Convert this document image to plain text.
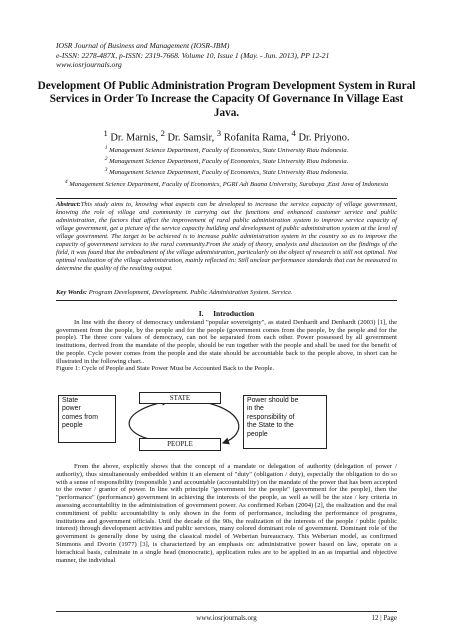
IOSR Journal of Business and Management (IOSR-JBM)
e-ISSN: 2278-487X, p-ISSN: 2319-7668. Volume 10, Issue 1 (May. - Jun. 2013), PP 12-21
www.iosrjournals.org
Development Of Public Administration Program Development System in Rural Services in Order To Increase the Capacity Of Governance In Village East Java.
$^1$ Dr. Marnis, $^2$ Dr. Samsir, $^3$ Rofanita Rama, $^4$ Dr. Priyono.
$^1$ Management Science Department, Faculty of Economics, State University Riau Indonesia.
$^2$ Management Science Department, Faculty of Economics, State University Riau Indonesia.
$^3$ Management Science Department, Faculty of Economics, State University Riau Indonesia.
$^4$ Management Science Department, Faculty of Economics, PGRI Adi Buana University, Surabaya ,East Java of Indonesia
Abstract:This study aims to, knowing what aspects can be developed to increase the service capacity of village government, knowing the role of village and community in carrying out the functions and enhanced customer service and public administration, the factors that affect the improvement of rural public administration system to improve service capacity of village government, get a picture of the service capacity building and development of public administration system at the level of village government. The target to be achieved is to increase public administration system in the country so as to improve the capacity of government services to the rural community.From the study of theory, analysis and discussion on the findings of the field, it was found that the embodiment of the village administration, particularly on the object of research is still not optimal. Not optimal realization of the village administration, mainly reflected in: Still unclear performance standards that can be measured to determine the quality of the resulting output.
Key Words: Program Development, Development. Public Administration System. Service.
I. Introduction
In line with the theory of democracy understand "popular sovereignty", as stated Denhardt and Denhardt (2003) [1], the government from the people, by the people and for the people (government comes from the people, by the people and for the people). The three core values of democracy, can not be separated from each other. Power possessed by all government institutions, derived from the mandate of the people, should be run together with the people and shall be used for the benefit of the people. Cycle power comes from the people and the state should be accountable back to the people above, in short can be illustrated in the following chart..
Figure 1: Cycle of People and State Power Must be Accounted Back to the People.
State
power
comes from
people
STATE
PEOPLE
Power should be
in the
responsibility of
the State to the
people
From the above, explicitly shows that the concept of a mandate or delegation of authority (delegation of power / authority), thus simultaneously embedded within it an element of "duty" (obligation / duty), especially the obligation to do so with a sense of responsibility (responsible ) and accountable (accountability) on the mandate of the power that has been accepted to the owner / grantor of power. In line with principle "government for the people" (government for the people), then the "performance" (performance) government in achieving the interests of the people, as well as will be the size / key criteria in assessing accountability in the administration of government power. As confirmed Keban (2004) [2], the realization and the real commitment of public accountability is only shown in the form of performance, including the performance of programs, institutions and government officials. Until the decade of the 90s, the realization of the interests of the people / public (public interest) through development activities and public services, many colored dominant role of government. Dominant role of the government is generally done by using the classical model of Weberian bureaucracy. This Weberian model, as confirmed Simmons and Dvorin (1977) [3], is characterized by an emphasis on: administrative power based on law, operate on a hierachical basis, culminate in a single head (monocratic), application rules are to be applied in an as impartial and objective manner, the individual
www.iosrjournals.org	12 | Page
